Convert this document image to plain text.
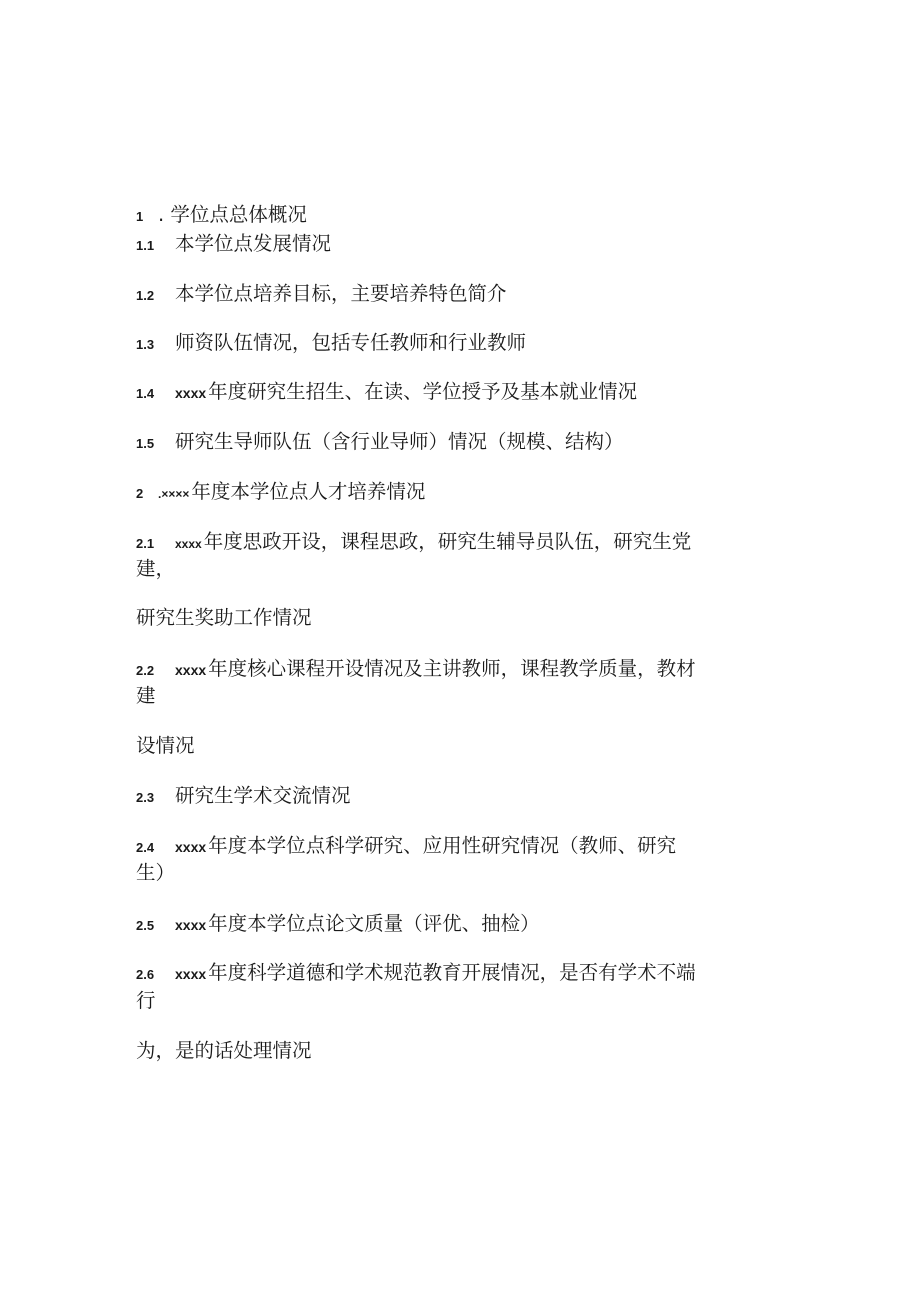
1 . 学位点总体概况
1.1 本学位点发展情况
1.2 本学位点培养目标，主要培养特色简介
1.3 师资队伍情况，包括专任教师和行业教师
1.4 xxxx 年度研究生招生、在读、学位授予及基本就业情况
1.5 研究生导师队伍（含行业导师）情况（规模、结构）
2 .×××× 年度本学位点人才培养情况
2.1 xxxx 年度思政开设，课程思政，研究生辅导员队伍，研究生党
建，
研究生奖助工作情况
2.2 xxxx 年度核心课程开设情况及主讲教师，课程教学质量，教材
建
设情况
2.3 研究生学术交流情况
2.4 xxxx 年度本学位点科学研究、应用性研究情况（教师、研究
生）
2.5 xxxx 年度本学位点论文质量（评优、抽检）
2.6 xxxx 年度科学道德和学术规范教育开展情况，是否有学术不端
行
为，是的话处理情况
